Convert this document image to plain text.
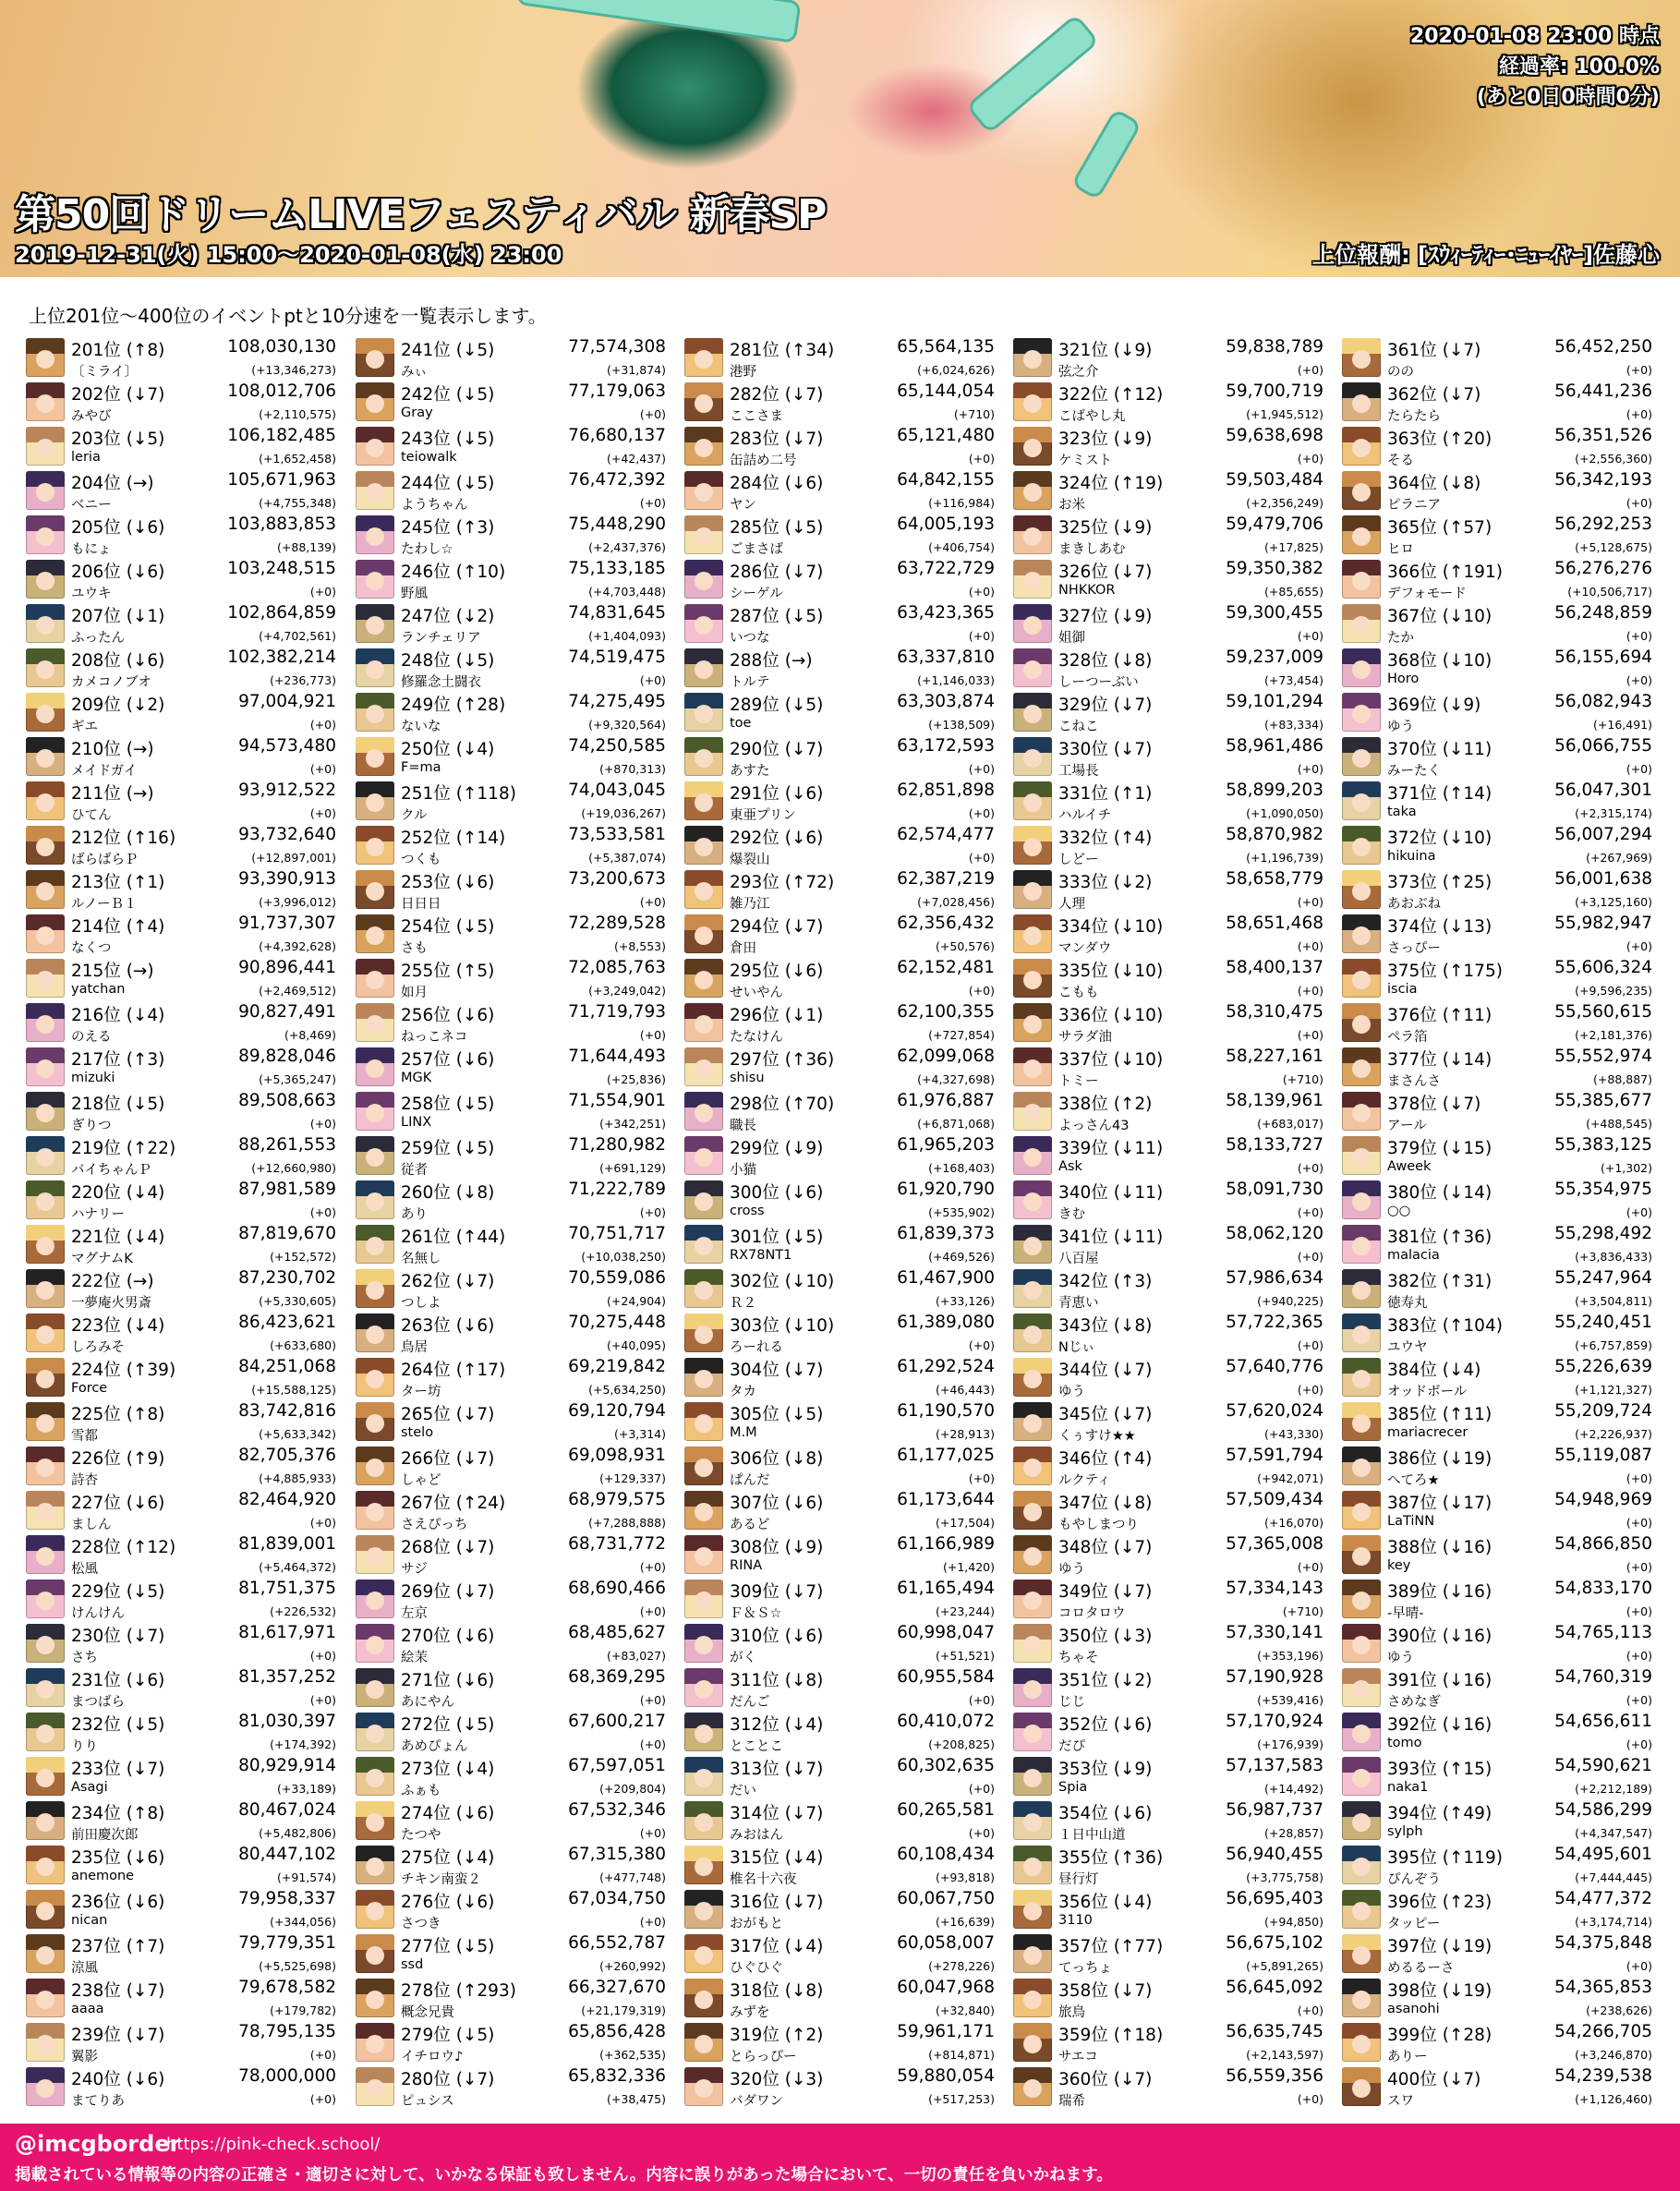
第50回ドリームLIVEフェスティバル 新春SP
2019-12-31(火) 15:00～2020-01-08(水) 23:00	上位報酬: [ｽｳｨｰﾃｨｰ･ﾆｭｰｲﾔｰ]佐藤心
2020-01-08 23:00 時点
経過率: 100.0%
(あと0日0時間0分)
上位201位～400位のイベントptと10分速を一覧表示します。
201位 (↑8)	108,030,130
〔ミライ〕	(+13,346,273)
202位 (↓7)	108,012,706
みやび	(+2,110,575)
203位 (↓5)	106,182,485
leria	(+1,652,458)
204位 (→)	105,671,963
ベニー	(+4,755,348)
205位 (↓6)	103,883,853
もにょ	(+88,139)
206位 (↓6)	103,248,515
ユウキ	(+0)
207位 (↓1)	102,864,859
ふったん	(+4,702,561)
208位 (↓6)	102,382,214
カメコノブオ	(+236,773)
209位 (↓2)	97,004,921
ギエ	(+0)
210位 (→)	94,573,480
メイドガイ	(+0)
211位 (→)	93,912,522
ひてん	(+0)
212位 (↑16)	93,732,640
ばらばらＰ	(+12,897,001)
213位 (↑1)	93,390,913
ルノーＢ１	(+3,996,012)
214位 (↑4)	91,737,307
なくつ	(+4,392,628)
215位 (→)	90,896,441
yatchan	(+2,469,512)
216位 (↓4)	90,827,491
のえる	(+8,469)
217位 (↑3)	89,828,046
mizuki	(+5,365,247)
218位 (↓5)	89,508,663
ぎりつ	(+0)
219位 (↑22)	88,261,553
バイちゃんＰ	(+12,660,980)
220位 (↓4)	87,981,589
ハナリー	(+0)
221位 (↓4)	87,819,670
マグナムK	(+152,572)
222位 (→)	87,230,702
一夢庵火男斎	(+5,330,605)
223位 (↓4)	86,423,621
しろみそ	(+633,680)
224位 (↑39)	84,251,068
Force	(+15,588,125)
225位 (↑8)	83,742,816
雪都	(+5,633,342)
226位 (↑9)	82,705,376
詩杏	(+4,885,933)
227位 (↓6)	82,464,920
ましん	(+0)
228位 (↑12)	81,839,001
松風	(+5,464,372)
229位 (↓5)	81,751,375
けんけん	(+226,532)
230位 (↓7)	81,617,971
さち	(+0)
231位 (↓6)	81,357,252
まつばら	(+0)
232位 (↓5)	81,030,397
りり	(+174,392)
233位 (↓7)	80,929,914
Asagi	(+33,189)
234位 (↑8)	80,467,024
前田慶次郎	(+5,482,806)
235位 (↓6)	80,447,102
anemone	(+91,574)
236位 (↓6)	79,958,337
nican	(+344,056)
237位 (↑7)	79,779,351
涼風	(+5,525,698)
238位 (↓7)	79,678,582
aaaa	(+179,782)
239位 (↓7)	78,795,135
翼影	(+0)
240位 (↓6)	78,000,000
まてりあ	(+0)
241位 (↓5)	77,574,308
みぃ	(+31,874)
242位 (↓5)	77,179,063
Gray	(+0)
243位 (↓5)	76,680,137
teiowalk	(+42,437)
244位 (↓5)	76,472,392
ようちゃん	(+0)
245位 (↑3)	75,448,290
たわし☆	(+2,437,376)
246位 (↑10)	75,133,185
野風	(+4,703,448)
247位 (↓2)	74,831,645
ランチェリア	(+1,404,093)
248位 (↓5)	74,519,475
修羅念土闘衣	(+0)
249位 (↑28)	74,275,495
ないな	(+9,320,564)
250位 (↓4)	74,250,585
F=ma	(+870,313)
251位 (↑118)	74,043,045
クル	(+19,036,267)
252位 (↑14)	73,533,581
つくも	(+5,387,074)
253位 (↓6)	73,200,673
日日日	(+0)
254位 (↓5)	72,289,528
さも	(+8,553)
255位 (↑5)	72,085,763
如月	(+3,249,042)
256位 (↓6)	71,719,793
ねっこネコ	(+0)
257位 (↓6)	71,644,493
MGK	(+25,836)
258位 (↓5)	71,554,901
LINX	(+342,251)
259位 (↓5)	71,280,982
従者	(+691,129)
260位 (↓8)	71,222,789
あり	(+0)
261位 (↑44)	70,751,717
名無し	(+10,038,250)
262位 (↓7)	70,559,086
つしよ	(+24,904)
263位 (↓6)	70,275,448
鳥居	(+40,095)
264位 (↑17)	69,219,842
ター坊	(+5,634,250)
265位 (↓7)	69,120,794
stelo	(+3,314)
266位 (↓7)	69,098,931
しゃど	(+129,337)
267位 (↑24)	68,979,575
さえぴっち	(+7,288,888)
268位 (↓7)	68,731,772
サジ	(+0)
269位 (↓7)	68,690,466
左京	(+0)
270位 (↓6)	68,485,627
絵茉	(+83,027)
271位 (↓6)	68,369,295
あにやん	(+0)
272位 (↓5)	67,600,217
あめぴょん	(+0)
273位 (↓4)	67,597,051
ふぁも	(+209,804)
274位 (↓6)	67,532,346
たつや	(+0)
275位 (↓4)	67,315,380
チキン南蛮２	(+477,748)
276位 (↓6)	67,034,750
さつき	(+0)
277位 (↓5)	66,552,787
ssd	(+260,992)
278位 (↑293)	66,327,670
概念兄貴	(+21,179,319)
279位 (↓5)	65,856,428
イチロウ♪	(+362,535)
280位 (↓7)	65,832,336
ピュシス	(+38,475)
281位 (↑34)	65,564,135
港野	(+6,024,626)
282位 (↓7)	65,144,054
ここさま	(+710)
283位 (↓7)	65,121,480
缶詰め二号	(+0)
284位 (↓6)	64,842,155
ヤン	(+116,984)
285位 (↓5)	64,005,193
ごまさば	(+406,754)
286位 (↓7)	63,722,729
シーゲル	(+0)
287位 (↓5)	63,423,365
いつな	(+0)
288位 (→)	63,337,810
トルテ	(+1,146,033)
289位 (↓5)	63,303,874
toe	(+138,509)
290位 (↓7)	63,172,593
あすた	(+0)
291位 (↓6)	62,851,898
東亜プリン	(+0)
292位 (↓6)	62,574,477
爆裂山	(+0)
293位 (↑72)	62,387,219
雑乃江	(+7,028,456)
294位 (↓7)	62,356,432
倉田	(+50,576)
295位 (↓6)	62,152,481
せいやん	(+0)
296位 (↓1)	62,100,355
たなけん	(+727,854)
297位 (↑36)	62,099,068
shisu	(+4,327,698)
298位 (↑70)	61,976,887
職長	(+6,871,068)
299位 (↓9)	61,965,203
小猫	(+168,403)
300位 (↓6)	61,920,790
cross	(+535,902)
301位 (↓5)	61,839,373
RX78NT1	(+469,526)
302位 (↓10)	61,467,900
Ｒ２	(+33,126)
303位 (↓10)	61,389,080
ろーれる	(+0)
304位 (↓7)	61,292,524
タカ	(+46,443)
305位 (↓5)	61,190,570
M.M	(+28,913)
306位 (↓8)	61,177,025
ぱんだ	(+0)
307位 (↓6)	61,173,644
あるど	(+17,504)
308位 (↓9)	61,166,989
RINA	(+1,420)
309位 (↓7)	61,165,494
Ｆ＆Ｓ☆	(+23,244)
310位 (↓6)	60,998,047
がく	(+51,521)
311位 (↓8)	60,955,584
だんご	(+0)
312位 (↓4)	60,410,072
とことこ	(+208,825)
313位 (↓7)	60,302,635
だい	(+0)
314位 (↓7)	60,265,581
みおはん	(+0)
315位 (↓4)	60,108,434
椎名十六夜	(+93,818)
316位 (↓7)	60,067,750
おがもと	(+16,639)
317位 (↓4)	60,058,007
ひぐひぐ	(+278,226)
318位 (↓8)	60,047,968
みずを	(+32,840)
319位 (↑2)	59,961,171
とらっぴー	(+814,871)
320位 (↓3)	59,880,054
バダワン	(+517,253)
321位 (↓9)	59,838,789
弦之介	(+0)
322位 (↑12)	59,700,719
こばやし丸	(+1,945,512)
323位 (↓9)	59,638,698
ケミスト	(+0)
324位 (↑19)	59,503,484
お米	(+2,356,249)
325位 (↓9)	59,479,706
まきしあむ	(+17,825)
326位 (↓7)	59,350,382
NHKKOR	(+85,655)
327位 (↓9)	59,300,455
姐御	(+0)
328位 (↓8)	59,237,009
しーつーぶい	(+73,454)
329位 (↓7)	59,101,294
こねこ	(+83,334)
330位 (↓7)	58,961,486
工場長	(+0)
331位 (↑1)	58,899,203
ハルイチ	(+1,090,050)
332位 (↑4)	58,870,982
しどー	(+1,196,739)
333位 (↓2)	58,658,779
人理	(+0)
334位 (↓10)	58,651,468
マンダウ	(+0)
335位 (↓10)	58,400,137
こもも	(+0)
336位 (↓10)	58,310,475
サラダ油	(+0)
337位 (↓10)	58,227,161
トミー	(+710)
338位 (↑2)	58,139,961
よっさん43	(+683,017)
339位 (↓11)	58,133,727
Ask	(+0)
340位 (↓11)	58,091,730
きむ	(+0)
341位 (↓11)	58,062,120
八百屋	(+0)
342位 (↑3)	57,986,634
青恵い	(+940,225)
343位 (↓8)	57,722,365
Nじぃ	(+0)
344位 (↓7)	57,640,776
ゆう	(+0)
345位 (↓7)	57,620,024
くぅすけ★★	(+43,330)
346位 (↑4)	57,591,794
ルクティ	(+942,071)
347位 (↓8)	57,509,434
もやしまつり	(+16,070)
348位 (↓7)	57,365,008
ゆう	(+0)
349位 (↓7)	57,334,143
コロタロウ	(+710)
350位 (↓3)	57,330,141
ちゃそ	(+353,196)
351位 (↓2)	57,190,928
じじ	(+539,416)
352位 (↓6)	57,170,924
だぴ	(+176,939)
353位 (↓9)	57,137,583
Spia	(+14,492)
354位 (↓6)	56,987,737
１日中山道	(+28,857)
355位 (↑36)	56,940,455
昼行灯	(+3,775,758)
356位 (↓4)	56,695,403
3110	(+94,850)
357位 (↑77)	56,675,102
てっちょ	(+5,891,265)
358位 (↓7)	56,645,092
旅鳥	(+0)
359位 (↑18)	56,635,745
サエコ	(+2,143,597)
360位 (↓7)	56,559,356
瑞希	(+0)
361位 (↓7)	56,452,250
のの	(+0)
362位 (↓7)	56,441,236
たらたら	(+0)
363位 (↑20)	56,351,526
そる	(+2,556,360)
364位 (↓8)	56,342,193
ピラニア	(+0)
365位 (↑57)	56,292,253
ヒロ	(+5,128,675)
366位 (↑191)	56,276,276
デフォモード	(+10,506,717)
367位 (↓10)	56,248,859
たか	(+0)
368位 (↓10)	56,155,694
Horo	(+0)
369位 (↓9)	56,082,943
ゆう	(+16,491)
370位 (↓11)	56,066,755
みーたく	(+0)
371位 (↑14)	56,047,301
taka	(+2,315,174)
372位 (↓10)	56,007,294
hikuina	(+267,969)
373位 (↑25)	56,001,638
あおぶね	(+3,125,160)
374位 (↓13)	55,982,947
さっぴー	(+0)
375位 (↑175)	55,606,324
iscia	(+9,596,235)
376位 (↑11)	55,560,615
ペラ箔	(+2,181,376)
377位 (↓14)	55,552,974
まさんさ	(+88,887)
378位 (↓7)	55,385,677
アール	(+488,545)
379位 (↓15)	55,383,125
Aweek	(+1,302)
380位 (↓14)	55,354,975
○○	(+0)
381位 (↑36)	55,298,492
malacia	(+3,836,433)
382位 (↑31)	55,247,964
徳寿丸	(+3,504,811)
383位 (↑104)	55,240,451
ユウヤ	(+6,757,859)
384位 (↓4)	55,226,639
オッドボール	(+1,121,327)
385位 (↑11)	55,209,724
mariacrecer	(+2,226,937)
386位 (↓19)	55,119,087
へてろ★	(+0)
387位 (↓17)	54,948,969
LaTiNN	(+0)
388位 (↓16)	54,866,850
key	(+0)
389位 (↓16)	54,833,170
-早晴-	(+0)
390位 (↓16)	54,765,113
ゆう	(+0)
391位 (↓16)	54,760,319
さめなぎ	(+0)
392位 (↓16)	54,656,611
tomo	(+0)
393位 (↑15)	54,590,621
naka1	(+2,212,189)
394位 (↑49)	54,586,299
sylph	(+4,347,547)
395位 (↑119)	54,495,601
ぴんぞう	(+7,444,445)
396位 (↑23)	54,477,372
タッピー	(+3,174,714)
397位 (↓19)	54,375,848
めるるーさ	(+0)
398位 (↓19)	54,365,853
asanohi	(+238,626)
399位 (↑28)	54,266,705
ありー	(+3,246,870)
400位 (↓7)	54,239,538
スワ	(+1,126,460)
@imcgborder
https://pink-check.school/
掲載されている情報等の内容の正確さ・適切さに対して、いかなる保証も致しません。内容に誤りがあった場合において、一切の責任を負いかねます。
